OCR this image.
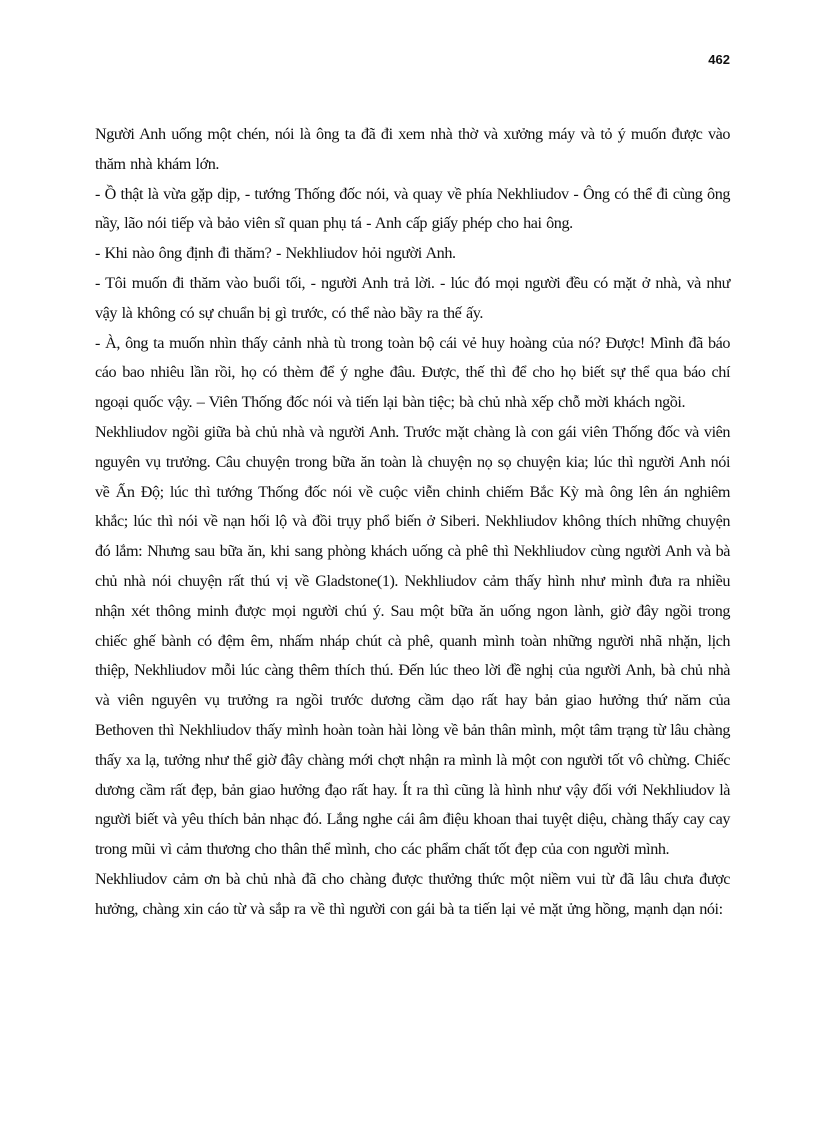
462

Người Anh uống một chén, nói là ông ta đã đi xem nhà thờ và xưởng máy và tỏ ý muốn được vào thăm nhà khám lớn.

- Ồ thật là vừa gặp dịp, - tướng Thống đốc nói, và quay về phía Nekhliudov - Ông có thể đi cùng ông nầy, lão nói tiếp và bảo viên sĩ quan phụ tá - Anh cấp giấy phép cho hai ông.

- Khi nào ông định đi thăm? - Nekhliudov hỏi người Anh.

- Tôi muốn đi thăm vào buổi tối, - người Anh trả lời. - lúc đó mọi người đều có mặt ở nhà, và như vậy là không có sự chuẩn bị gì trước, có thể nào bầy ra thế ấy.

- À, ông ta muốn nhìn thấy cảnh nhà tù trong toàn bộ cái vẻ huy hoàng của nó? Được! Mình đã báo cáo bao nhiêu lần rồi, họ có thèm để ý nghe đâu. Được, thế thì để cho họ biết sự thể qua báo chí ngoại quốc vậy. – Viên Thống đốc nói và tiến lại bàn tiệc; bà chủ nhà xếp chỗ mời khách ngồi.

Nekhliudov ngồi giữa bà chủ nhà và người Anh. Trước mặt chàng là con gái viên Thống đốc và viên nguyên vụ trưởng. Câu chuyện trong bữa ăn toàn là chuyện nọ sọ chuyện kia; lúc thì người Anh nói về Ấn Độ; lúc thì tướng Thống đốc nói về cuộc viễn chinh chiếm Bắc Kỳ mà ông lên án nghiêm khắc; lúc thì nói về nạn hối lộ và đồi trụy phổ biến ở Siberi. Nekhliudov không thích những chuyện đó lắm: Nhưng sau bữa ăn, khi sang phòng khách uống cà phê thì Nekhliudov cùng người Anh và bà chủ nhà nói chuyện rất thú vị về Gladstone(1). Nekhliudov cảm thấy hình như mình đưa ra nhiều nhận xét thông minh được mọi người chú ý. Sau một bữa ăn uống ngon lành, giờ đây ngồi trong chiếc ghế bành có đệm êm, nhấm nháp chút cà phê, quanh mình toàn những người nhã nhặn, lịch thiệp, Nekhliudov mỗi lúc càng thêm thích thú. Đến lúc theo lời đề nghị của người Anh, bà chủ nhà và viên nguyên vụ trưởng ra ngồi trước dương cầm dạo rất hay bản giao hưởng thứ năm của Bethoven thì Nekhliudov thấy mình hoàn toàn hài lòng về bản thân mình, một tâm trạng từ lâu chàng thấy xa lạ, tưởng như thể giờ đây chàng mới chợt nhận ra mình là một con người tốt vô chừng. Chiếc dương cầm rất đẹp, bản giao hưởng đạo rất hay. Ít ra thì cũng là hình như vậy đối với Nekhliudov là người biết và yêu thích bản nhạc đó. Lắng nghe cái âm điệu khoan thai tuyệt diệu, chàng thấy cay cay trong mũi vì cảm thương cho thân thể mình, cho các phẩm chất tốt đẹp của con người mình.

Nekhliudov cảm ơn bà chủ nhà đã cho chàng được thưởng thức một niềm vui từ đã lâu chưa được hưởng, chàng xin cáo từ và sắp ra về thì người con gái bà ta tiến lại vẻ mặt ửng hồng, mạnh dạn nói:
